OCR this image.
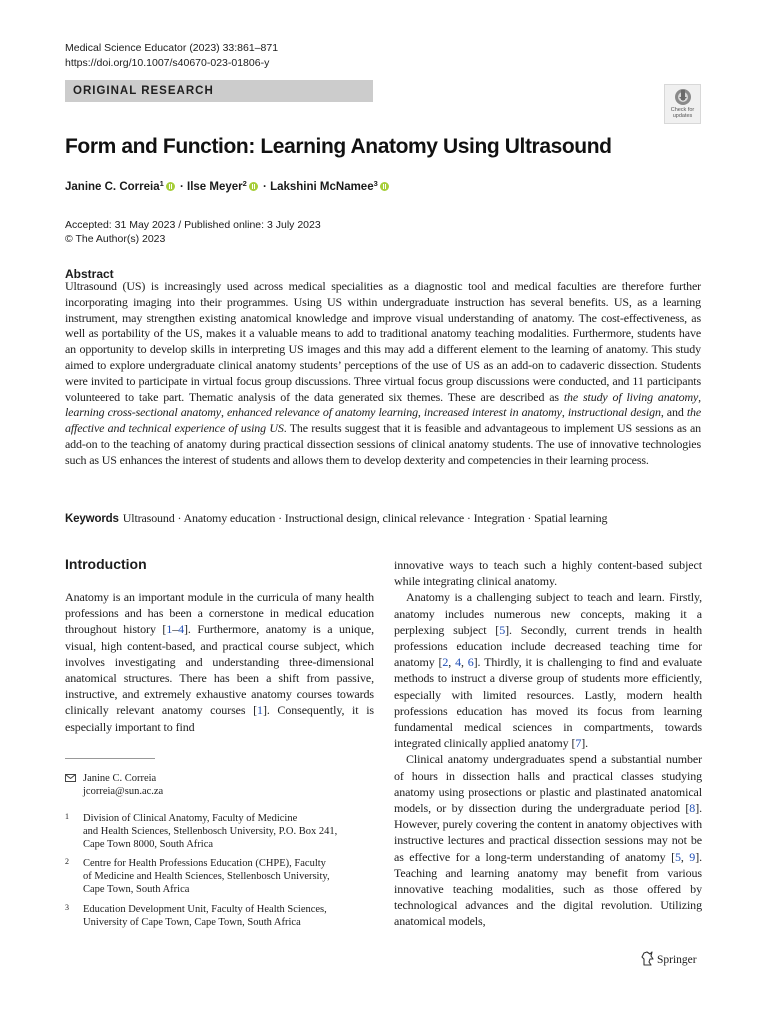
Medical Science Educator (2023) 33:861–871
https://doi.org/10.1007/s40670-023-01806-y
ORIGINAL RESEARCH
Check for
updates
Form and Function: Learning Anatomy Using Ultrasound
Janine C. Correia$^1$ · Ilse Meyer$^2$ · Lakshini McNamee$^3$
Accepted: 31 May 2023 / Published online: 3 July 2023
© The Author(s) 2023
Abstract
Ultrasound (US) is increasingly used across medical specialities as a diagnostic tool and medical faculties are therefore further incorporating imaging into their programmes. Using US within undergraduate instruction has several benefits. US, as a learning instrument, may strengthen existing anatomical knowledge and improve visual understanding of anatomy. The cost-effectiveness, as well as portability of the US, makes it a valuable means to add to traditional anatomy teaching modalities. Furthermore, students have an opportunity to develop skills in interpreting US images and this may add a different element to the learning of anatomy. This study aimed to explore undergraduate clinical anatomy students’ perceptions of the use of US as an add-on to cadaveric dissection. Students were invited to participate in virtual focus group discussions. Three virtual focus group discussions were conducted, and 11 participants volunteered to take part. Thematic analysis of the data generated six themes. These are described as the study of living anatomy, learning cross-sectional anatomy, enhanced relevance of anatomy learning, increased interest in anatomy, instructional design, and the affective and technical experience of using US. The results suggest that it is feasible and advantageous to implement US sessions as an add-on to the teaching of anatomy during practical dissection sessions of clinical anatomy students. The use of innovative technologies such as US enhances the interest of students and allows them to develop dexterity and competencies in their learning process.
Keywords Ultrasound · Anatomy education · Instructional design, clinical relevance · Integration · Spatial learning
Introduction

Anatomy is an important module in the curricula of many health professions and has been a cornerstone in medical education throughout history [1–4]. Furthermore, anatomy is a unique, visual, high content-based, and practical course subject, which involves investigating and understanding three-dimensional anatomical structures. There has been a shift from passive, instructive, and extremely exhaustive anatomy courses towards clinically relevant anatomy courses [1]. Consequently, it is especially important to find

innovative ways to teach such a highly content-based subject while integrating clinical anatomy.

Anatomy is a challenging subject to teach and learn. Firstly, anatomy includes numerous new concepts, making it a perplexing subject [5]. Secondly, current trends in health professions education include decreased teaching time for anatomy [2, 4, 6]. Thirdly, it is challenging to find and evaluate methods to instruct a diverse group of students more efficiently, especially with limited resources. Lastly, modern health professions education has moved its focus from learning fundamental medical sciences in compartments, towards integrated clinically applied anatomy [7].

Clinical anatomy undergraduates spend a substantial number of hours in dissection halls and practical classes studying anatomy using prosections or plastic and plastinated anatomical models, or by dissection during the undergraduate period [8]. However, purely covering the content in anatomy objectives with instructive lectures and practical dissection sessions may not be as effective for a long-term understanding of anatomy [5, 9]. Teaching and learning anatomy may benefit from various innovative teaching modalities, such as those offered by technological advances and the digital revolution. Utilizing anatomical models,

Janine C. Correia
jcorreia@sun.ac.za
1 Division of Clinical Anatomy, Faculty of Medicine
and Health Sciences, Stellenbosch University, P.O. Box 241,
Cape Town 8000, South Africa
2 Centre for Health Professions Education (CHPE), Faculty
of Medicine and Health Sciences, Stellenbosch University,
Cape Town, South Africa
3 Education Development Unit, Faculty of Health Sciences,
University of Cape Town, Cape Town, South Africa
Springer
